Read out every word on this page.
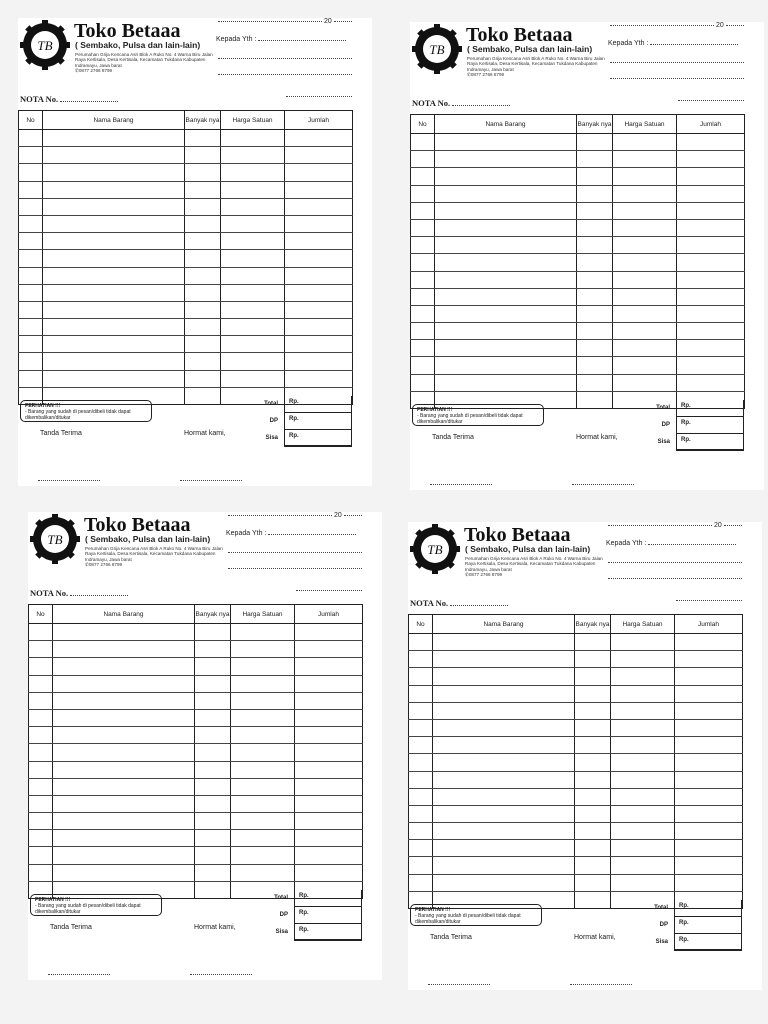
TB
Toko Betaaa
( Sembako, Pulsa dan lain-lain)
Perumahan Grija Kencana Asri Blok A Ruko No. 4 Warna Biru Jalan Raya Kertisala, Desa Kertisala, Kecamatan Tukdana Kabupaten Indramayu, Jawa barat
✆0877 2766 8799
20
Kepada Yth :
NOTA No.
No	Nama Barang	Banyak nya	Harga Satuan	Jumlah

PERHATIAN !!!
- Barang yang sudah di pesan/dibeli tidak dapat dikembalikan/ditukar
Tanda Terima	Hormat kami,
Total	Rp.
DP	Rp.
Sisa	Rp.
TB
Toko Betaaa
( Sembako, Pulsa dan lain-lain)
Perumahan Grija Kencana Asri Blok A Ruko No. 4 Warna Biru Jalan Raya Kertisala, Desa Kertisala, Kecamatan Tukdana Kabupaten Indramayu, Jawa barat
✆0877 2766 8799
20
Kepada Yth :
NOTA No.
No	Nama Barang	Banyak nya	Harga Satuan	Jumlah

PERHATIAN !!!
- Barang yang sudah di pesan/dibeli tidak dapat dikembalikan/ditukar
Tanda Terima	Hormat kami,
Total	Rp.
DP	Rp.
Sisa	Rp.
TB
Toko Betaaa
( Sembako, Pulsa dan lain-lain)
Perumahan Grija Kencana Asri Blok A Ruko No. 4 Warna Biru Jalan Raya Kertisala, Desa Kertisala, Kecamatan Tukdana Kabupaten Indramayu, Jawa barat
✆0877 2766 8799
20
Kepada Yth :
NOTA No.
No	Nama Barang	Banyak nya	Harga Satuan	Jumlah

PERHATIAN !!!
- Barang yang sudah di pesan/dibeli tidak dapat dikembalikan/ditukar
Tanda Terima	Hormat kami,
Total	Rp.
DP	Rp.
Sisa	Rp.
TB
Toko Betaaa
( Sembako, Pulsa dan lain-lain)
Perumahan Grija Kencana Asri Blok A Ruko No. 4 Warna Biru Jalan Raya Kertisala, Desa Kertisala, Kecamatan Tukdana Kabupaten Indramayu, Jawa barat
✆0877 2766 8799
20
Kepada Yth :
NOTA No.
No	Nama Barang	Banyak nya	Harga Satuan	Jumlah

PERHATIAN !!!
- Barang yang sudah di pesan/dibeli tidak dapat dikembalikan/ditukar
Tanda Terima	Hormat kami,
Total	Rp.
DP	Rp.
Sisa	Rp.
